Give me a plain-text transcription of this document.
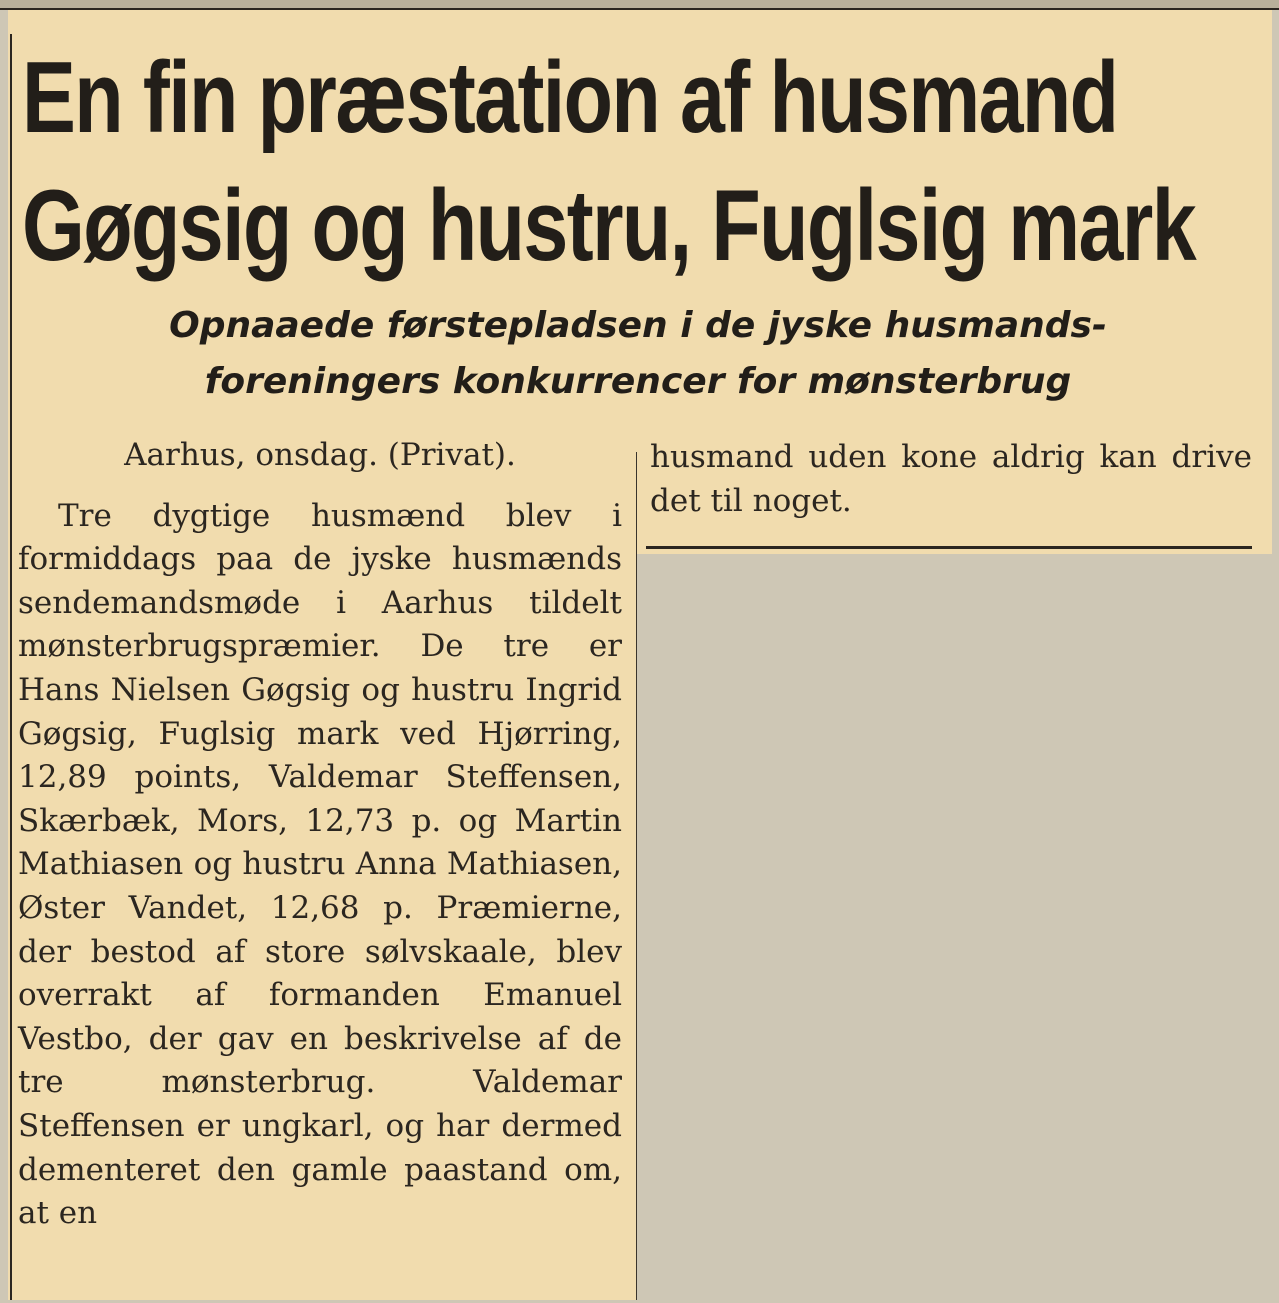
En fin præstation af husmand
Gøgsig og hustru, Fuglsig mark
Opnaaede førstepladsen i de jyske husmands-
foreningers konkurrencer for mønsterbrug

Aarhus, onsdag. (Privat).

Tre dygtige husmænd blev i formiddags paa de jyske husmænds sendemandsmøde i Aarhus tildelt mønsterbrugspræmier. De tre er Hans Nielsen Gøgsig og hustru Ingrid Gøgsig, Fuglsig mark ved Hjørring, 12,89 points, Valdemar Steffensen, Skærbæk, Mors, 12,73 p. og Martin Mathiasen og hustru Anna Mathiasen, Øster Vandet, 12,68 p. Præmierne, der bestod af store sølvskaale, blev overrakt af formanden Emanuel Vestbo, der gav en beskrivelse af de tre mønsterbrug. Valdemar Steffensen er ungkarl, og har dermed dementeret den gamle paastand om, at en

husmand uden kone aldrig kan drive det til noget.
